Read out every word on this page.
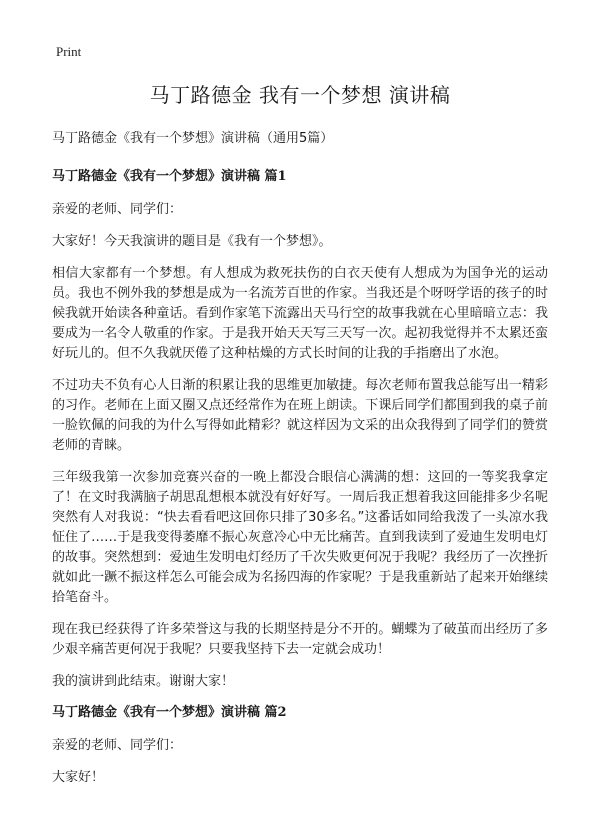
Print
马丁路德金 我有一个梦想 演讲稿

马丁路德金《我有一个梦想》演讲稿（通用5篇）

马丁路德金《我有一个梦想》演讲稿 篇1

亲爱的老师、同学们：

大家好！今天我演讲的题目是《我有一个梦想》。

相信大家都有一个梦想。有人想成为救死扶伤的白衣天使有人想成为为国争光的运动员。我也不例外我的梦想是成为一名流芳百世的作家。当我还是个呀呀学语的孩子的时候我就开始读各种童话。看到作家笔下流露出天马行空的故事我就在心里暗暗立志：我要成为一名令人敬重的作家。于是我开始天天写三天写一次。起初我觉得并不太累还蛮好玩儿的。但不久我就厌倦了这种枯燥的方式长时间的让我的手指磨出了水泡。

不过功夫不负有心人日渐的积累让我的思维更加敏捷。每次老师布置我总能写出一精彩的习作。老师在上面又圈又点还经常作为在班上朗读。下课后同学们都围到我的桌子前一脸钦佩的问我的为什么写得如此精彩？就这样因为文采的出众我得到了同学们的赞赏老师的青睐。

三年级我第一次参加竞赛兴奋的一晚上都没合眼信心满满的想：这回的一等奖我拿定了！在文时我满脑子胡思乱想根本就没有好好写。一周后我正想着我这回能排多少名呢突然有人对我说：“快去看看吧这回你只排了30多名。”这番话如同给我泼了一头凉水我怔住了……于是我变得萎靡不振心灰意冷心中无比痛苦。直到我读到了爱迪生发明电灯的故事。突然想到：爱迪生发明电灯经历了千次失败更何况于我呢？我经历了一次挫折就如此一蹶不振这样怎么可能会成为名扬四海的作家呢？于是我重新站了起来开始继续拾笔奋斗。

现在我已经获得了许多荣誉这与我的长期坚持是分不开的。蝴蝶为了破茧而出经历了多少艰辛痛苦更何况于我呢？只要我坚持下去一定就会成功！

我的演讲到此结束。谢谢大家！

马丁路德金《我有一个梦想》演讲稿 篇2

亲爱的老师、同学们：

大家好！
